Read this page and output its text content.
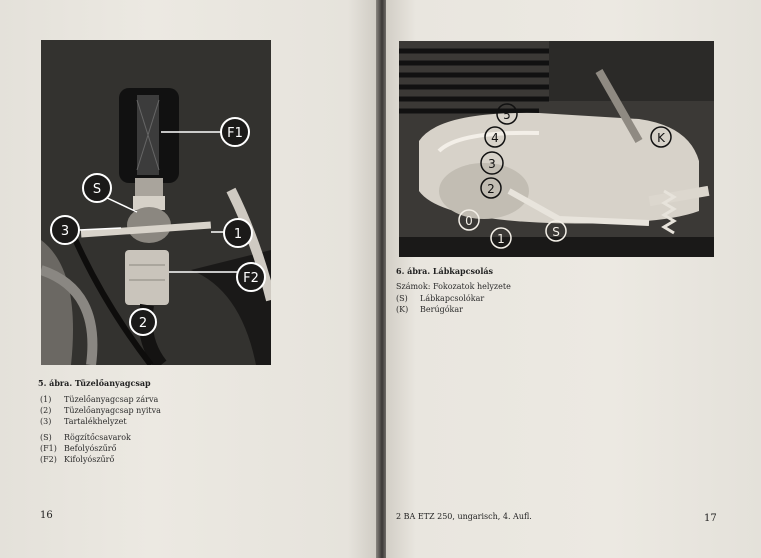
F1
S
3	1
F2
2
5. ábra. Tüzelőanyagcsap
(1) Tüzelőanyagcsap zárva
(2) Tüzelőanyagcsap nyitva
(3) Tartalékhelyzet
(S) Rögzítőcsavarok
(F1) Befolyószűrő
(F2) Kifolyószűrő
16
5
4
3
2
0
1	S
K
6. ábra. Lábkapcsolás
Számok: Fokozatok helyzete
(S) Lábkapcsolókar
(K) Berúgókar
2 BA ETZ 250, ungarisch, 4. Aufl.	17
